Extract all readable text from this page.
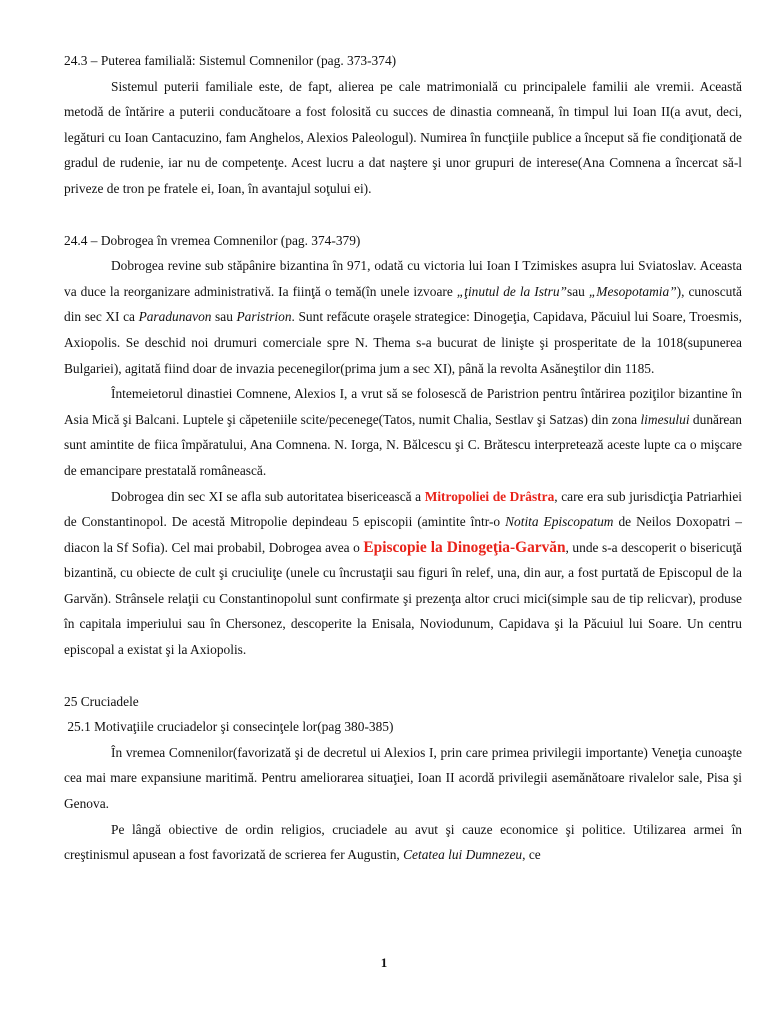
24.3 – Puterea familială: Sistemul Comnenilor (pag. 373-374)

Sistemul puterii familiale este, de fapt, alierea pe cale matrimonială cu principalele familii ale vremii. Această metodă de întărire a puterii conducătoare a fost folosită cu succes de dinastia comneană, în timpul lui Ioan II(a avut, deci, legături cu Ioan Cantacuzino, fam Anghelos, Alexios Paleologul). Numirea în funcţiile publice a început să fie condiţionată de gradul de rudenie, iar nu de competenţe. Acest lucru a dat naştere şi unor grupuri de interese(Ana Comnena a încercat să-l priveze de tron pe fratele ei, Ioan, în avantajul soţului ei).

24.4 – Dobrogea în vremea Comnenilor (pag. 374-379)

Dobrogea revine sub stăpânire bizantina în 971, odată cu victoria lui Ioan I Tzimiskes asupra lui Sviatoslav. Aceasta va duce la reorganizare administrativă. Ia fiinţă o temă(în unele izvoare „ţinutul de la Istru”sau „Mesopotamia”), cunoscută din sec XI ca Paradunavon sau Paristrion. Sunt refăcute oraşele strategice: Dinogeţia, Capidava, Păcuiul lui Soare, Troesmis, Axiopolis. Se deschid noi drumuri comerciale spre N. Thema s-a bucurat de linişte şi prosperitate de la 1018(supunerea Bulgariei), agitată fiind doar de invazia pecenegilor(prima jum a sec XI), până la revolta Asăneştilor din 1185.

Întemeietorul dinastiei Comnene, Alexios I, a vrut să se folosescă de Paristrion pentru întărirea poziţilor bizantine în Asia Mică şi Balcani. Luptele şi căpeteniile scite/pecenege(Tatos, numit Chalia, Sestlav şi Satzas) din zona limesului dunărean sunt amintite de fiica împăratului, Ana Comnena. N. Iorga, N. Bălcescu şi C. Brătescu interpretează aceste lupte ca o mişcare de emancipare prestatală românească.

Dobrogea din sec XI se afla sub autoritatea bisericească a Mitropoliei de Drâstra, care era sub jurisdicţia Patriarhiei de Constantinopol. De acestă Mitropolie depindeau 5 episcopii (amintite într-o Notita Episcopatum de Neilos Doxopatri – diacon la Sf Sofia). Cel mai probabil, Dobrogea avea o Episcopie la Dinogeţia-Garvăn, unde s-a descoperit o bisericuţă bizantină, cu obiecte de cult şi cruciuliţe (unele cu încrustaţii sau figuri în relef, una, din aur, a fost purtată de Episcopul de la Garvăn). Strânsele relaţii cu Constantinopolul sunt confirmate şi prezenţa altor cruci mici(simple sau de tip relicvar), produse în capitala imperiului sau în Chersonez, descoperite la Enisala, Noviodunum, Capidava şi la Păcuiul lui Soare. Un centru episcopal a existat şi la Axiopolis.

25 Cruciadele

25.1 Motivaţiile cruciadelor şi consecinţele lor(pag 380-385)

În vremea Comnenilor(favorizată şi de decretul ui Alexios I, prin care primea privilegii importante) Veneţia cunoaşte cea mai mare expansiune maritimă. Pentru ameliorarea situaţiei, Ioan II acordă privilegii asemănătoare rivalelor sale, Pisa şi Genova.

Pe lângă obiective de ordin religios, cruciadele au avut şi cauze economice şi politice. Utilizarea armei în creştinismul apusean a fost favorizată de scrierea fer Augustin, Cetatea lui Dumnezeu, ce

1
